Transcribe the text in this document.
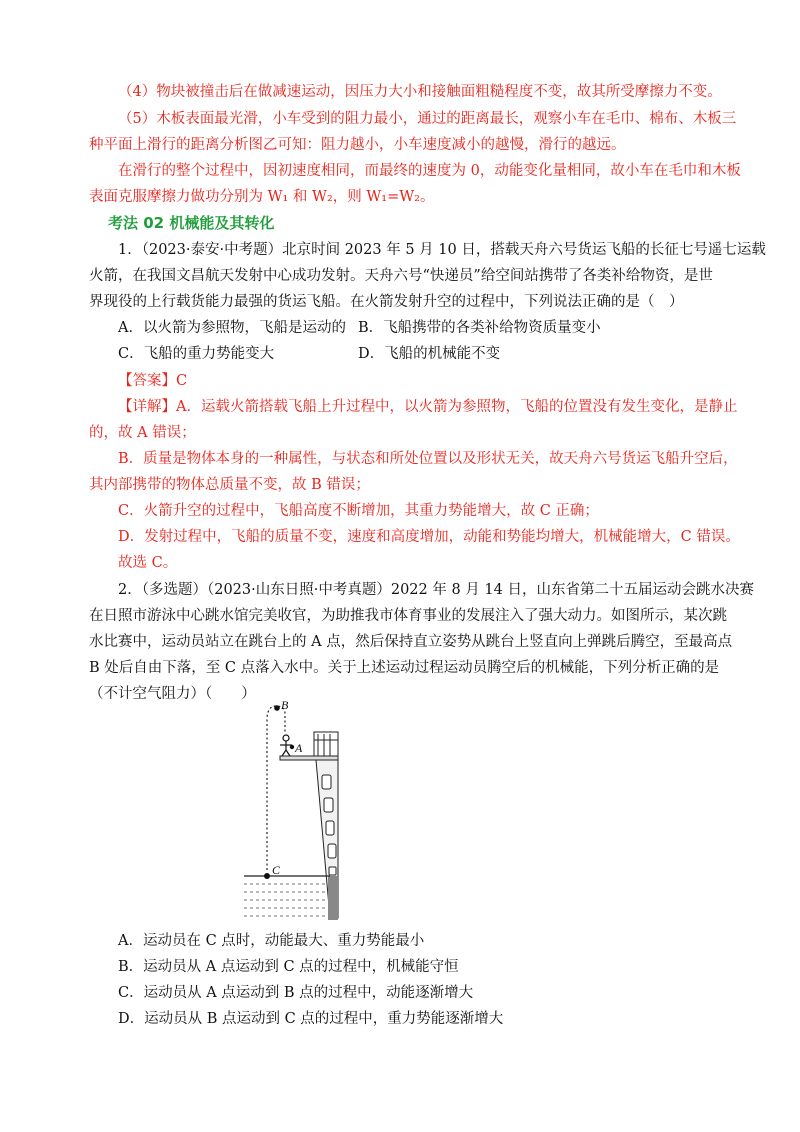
（4）物块被撞击后在做减速运动，因压力大小和接触面粗糙程度不变，故其所受摩擦力不变。
（5）木板表面最光滑，小车受到的阻力最小，通过的距离最长，观察小车在毛巾、棉布、木板三
种平面上滑行的距离分析图乙可知：阻力越小，小车速度减小的越慢，滑行的越远。
在滑行的整个过程中，因初速度相同，而最终的速度为 0，动能变化量相同，故小车在毛巾和木板
表面克服摩擦力做功分别为 W₁ 和 W₂，则 W₁=W₂。
考法 02 机械能及其转化
1．（2023·泰安·中考题）北京时间 2023 年 5 月 10 日，搭载天舟六号货运飞船的长征七号遥七运载
火箭，在我国文昌航天发射中心成功发射。天舟六号“快递员”给空间站携带了各类补给物资，是世
界现役的上行载货能力最强的货运飞船。在火箭发射升空的过程中，下列说法正确的是（　）
A．以火箭为参照物，飞船是运动的 B．飞船携带的各类补给物资质量变小
C．飞船的重力势能变大	D．飞船的机械能不变
【答案】C
【详解】A．运载火箭搭载飞船上升过程中，以火箭为参照物，飞船的位置没有发生变化，是静止
的，故 A 错误；
B．质量是物体本身的一种属性，与状态和所处位置以及形状无关，故天舟六号货运飞船升空后，
其内部携带的物体总质量不变，故 B 错误；
C．火箭升空的过程中，飞船高度不断增加，其重力势能增大，故 C 正确；
D．发射过程中，飞船的质量不变，速度和高度增加，动能和势能均增大，机械能增大，C 错误。
故选 C。
2．（多选题）（2023·山东日照·中考真题）2022 年 8 月 14 日，山东省第二十五届运动会跳水决赛
在日照市游泳中心跳水馆完美收官，为助推我市体育事业的发展注入了强大动力。如图所示，某次跳
水比赛中，运动员站立在跳台上的 A 点，然后保持直立姿势从跳台上竖直向上弹跳后腾空，至最高点
B 处后自由下落，至 C 点落入水中。关于上述运动过程运动员腾空后的机械能，下列分析正确的是
（不计空气阻力）（　　）
B
A
C
A．运动员在 C 点时，动能最大、重力势能最小
B．运动员从 A 点运动到 C 点的过程中，机械能守恒
C．运动员从 A 点运动到 B 点的过程中，动能逐渐增大
D．运动员从 B 点运动到 C 点的过程中，重力势能逐渐增大
